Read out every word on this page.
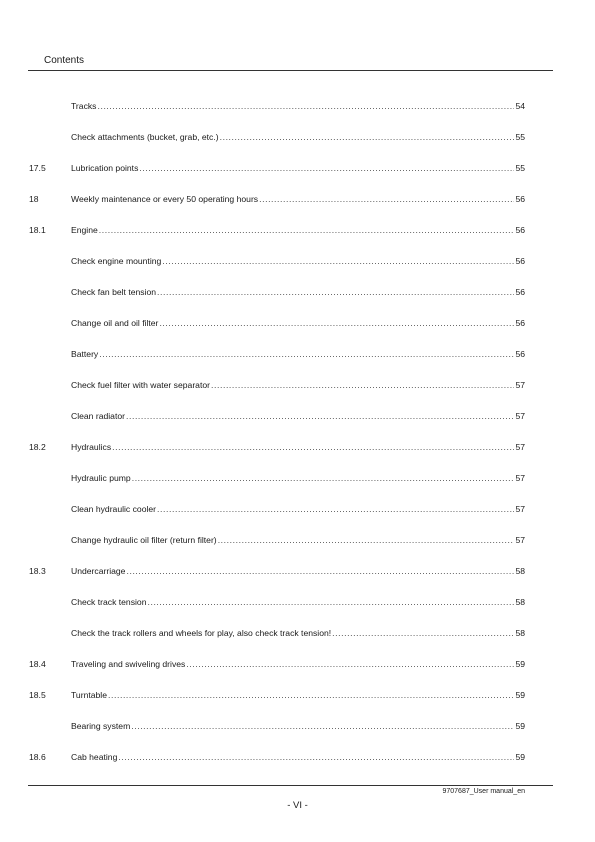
Contents
Tracks .....	54
Check attachments (bucket, grab, etc.) .....	55
17.5	Lubrication points .....	55
18	Weekly maintenance or every 50 operating hours .....	56
18.1	Engine .....	56
Check engine mounting .....	56
Check fan belt tension .....	56
Change oil and oil filter .....	56
Battery .....	56
Check fuel filter with water separator .....	57
Clean radiator .....	57
18.2	Hydraulics .....	57
Hydraulic pump .....	57
Clean hydraulic cooler .....	57
Change hydraulic oil filter (return filter) .....	57
18.3	Undercarriage .....	58
Check track tension .....	58
Check the track rollers and wheels for play, also check track tension! .....	58
18.4	Traveling and swiveling drives .....	59
18.5	Turntable .....	59
Bearing system .....	59
18.6	Cab heating .....	59
9707687_User manual_en
- VI -
